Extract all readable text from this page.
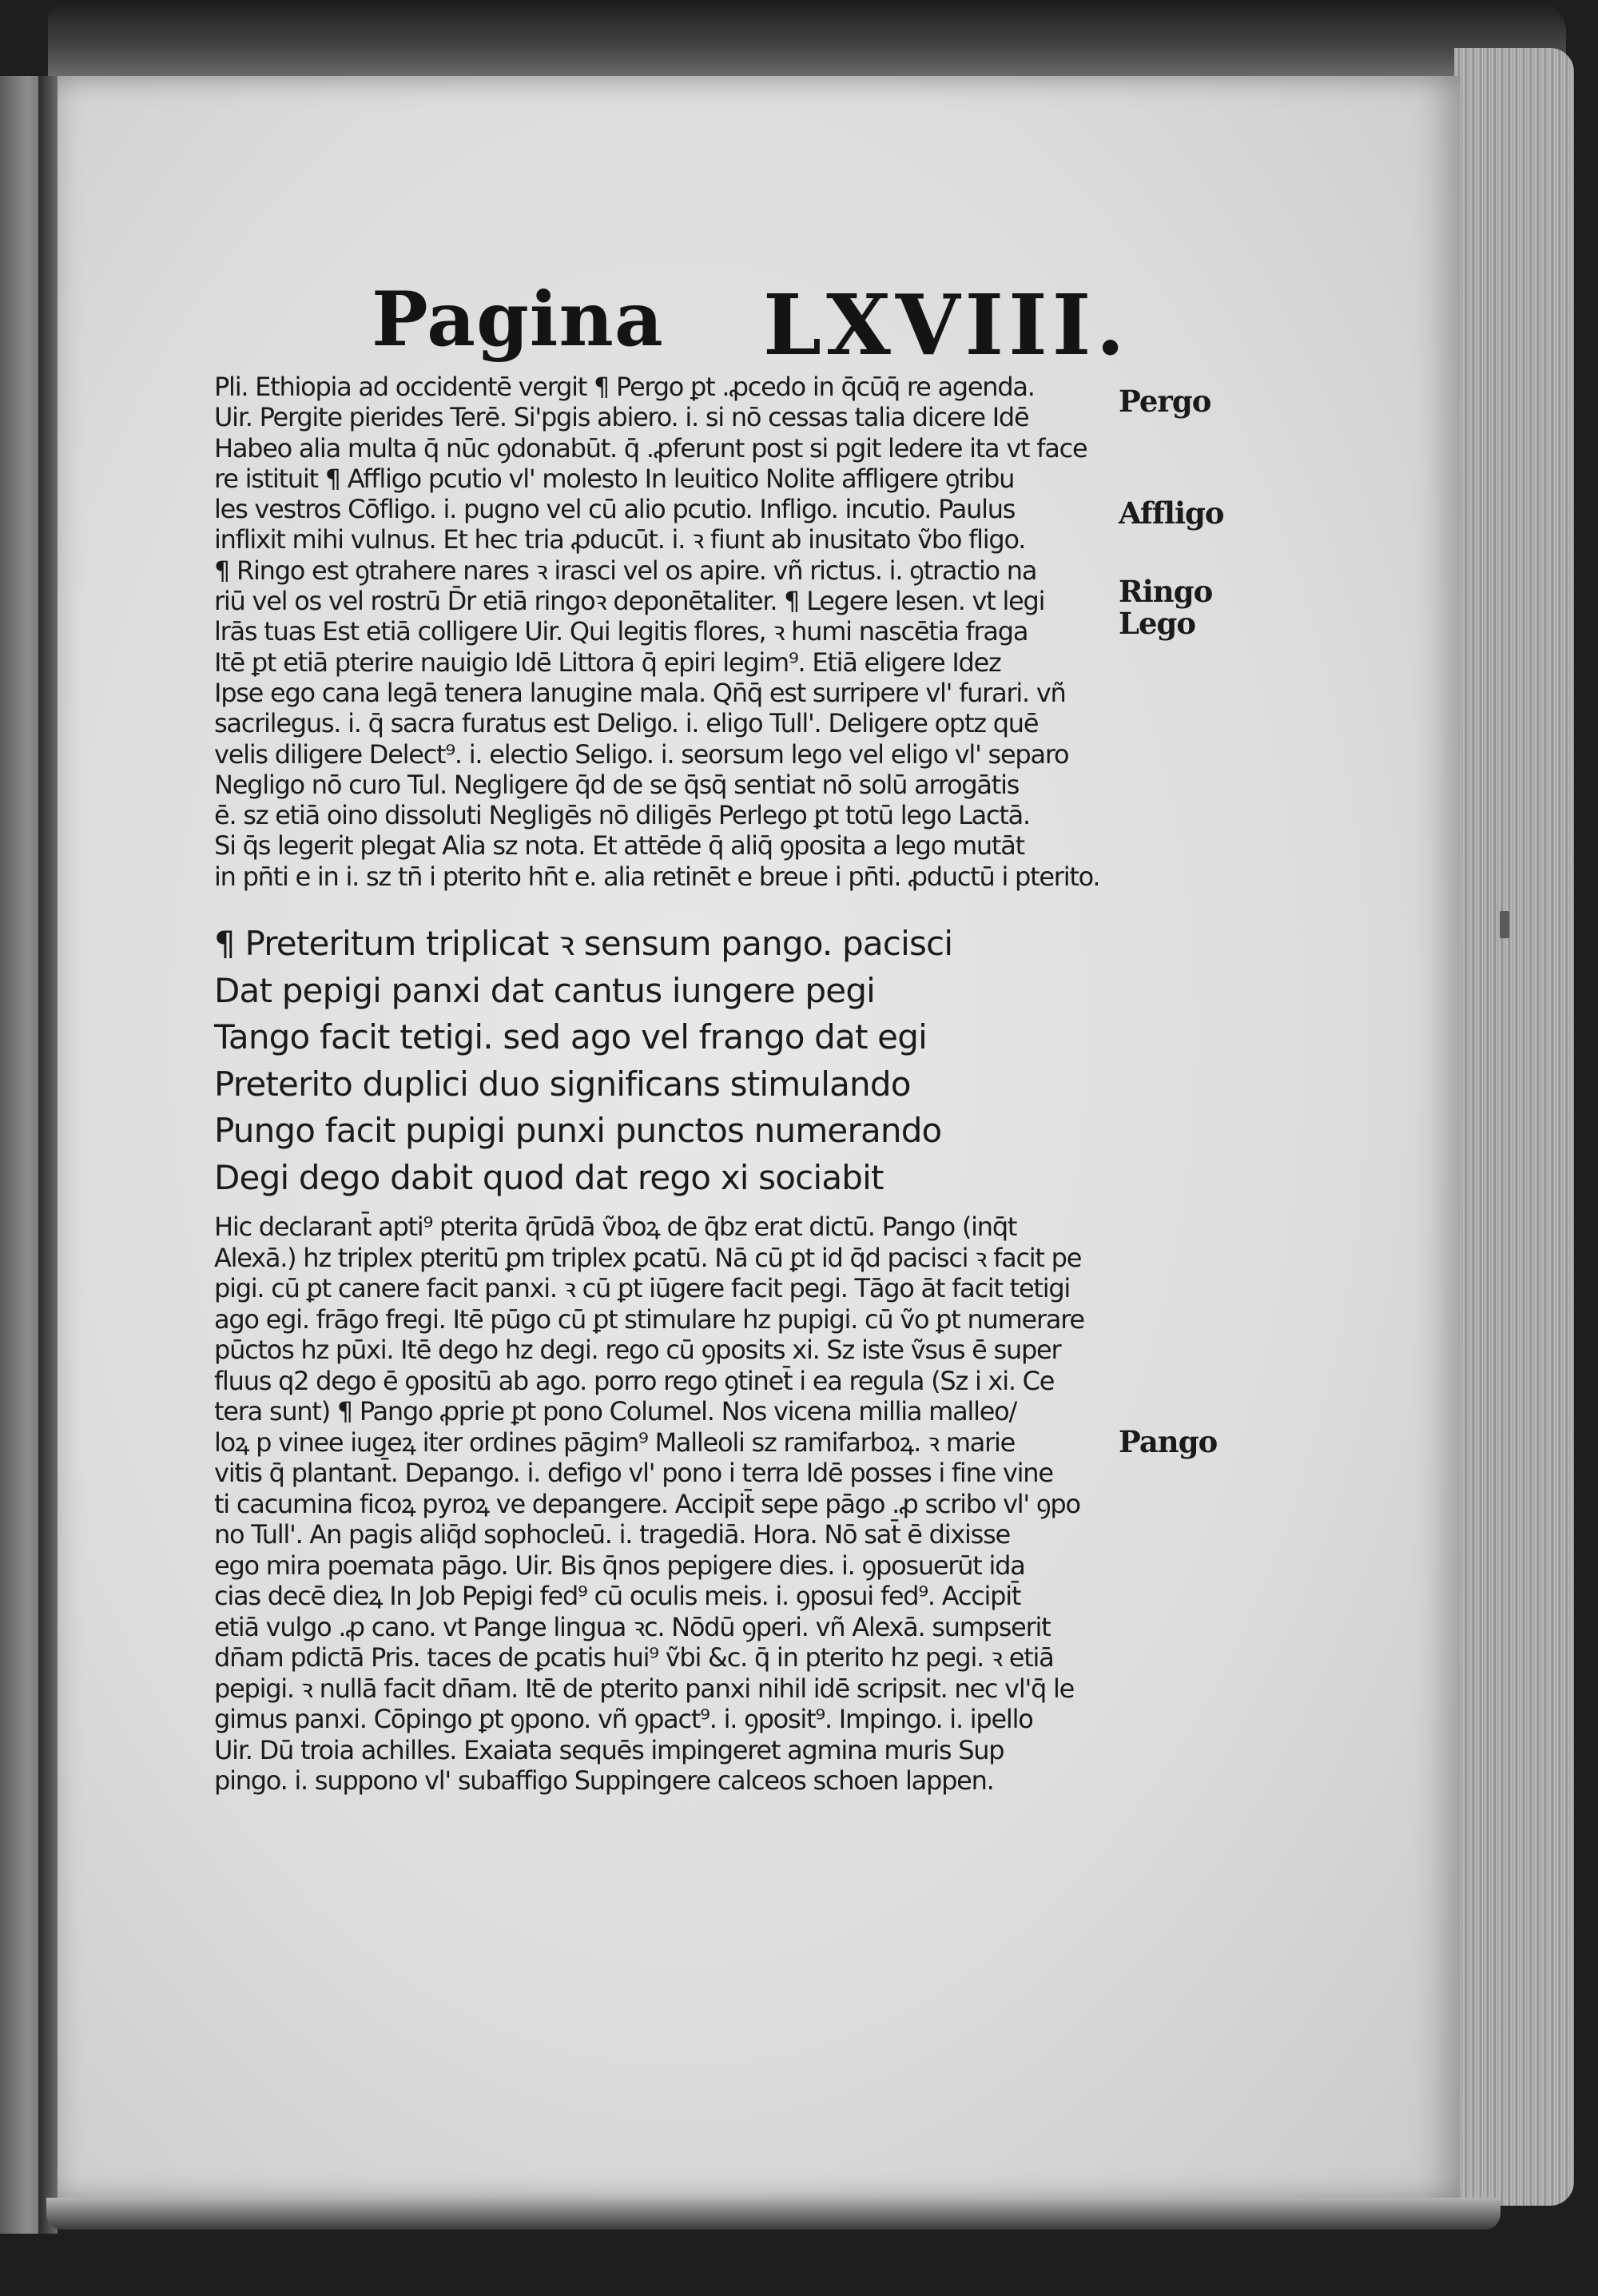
Pagina LXVIII.
Pli. Ethiopia ad occidentē vergit ¶ Pergo ꝑt .ꝓcedo in q̄cūq̄ re agenda.
Uir. Pergite pierides Terē. Si'pgis abiero. i. si nō cessas talia dicere Idē
Habeo alia multa q̄ nūc ꝯdonabūt. q̄ .ꝓferunt post si pgit ledere ita vt face
re istituit ¶ Affligo pcutio vl' molesto In leuitico Nolite affligere ꝯtribu
les vestros Cōfligo. i. pugno vel cū alio pcutio. Infligo. incutio. Paulus
inflixit mihi vulnus. Et hec tria ꝓducūt. i. ꝛ fiunt ab inusitato ṽbo fligo.
¶ Ringo est ꝯtrahere nares ꝛ irasci vel os apire. vñ rictus. i. ꝯtractio na
riū vel os vel rostrū D̄r etiā ringoꝛ deponētaliter. ¶ Legere lesen. vt legi
lrās tuas Est etiā colligere Uir. Qui legitis flores, ꝛ humi nascētia fraga
Itē ꝑt etiā pterire nauigio Idē Littora q̄ epiri legim⁹. Etiā eligere Idez
Ipse ego cana legā tenera lanugine mala. Qn̄q̄ est surripere vl' furari. vñ
sacrilegus. i. q̄ sacra furatus est Deligo. i. eligo Tull'. Deligere optz quē
velis diligere Delect⁹. i. electio Seligo. i. seorsum lego vel eligo vl' separo
Negligo nō curo Tul. Negligere q̄d de se q̄sq̄ sentiat nō solū arrogātis
ē. sz etiā oino dissoluti Negligēs nō diligēs Perlego ꝑt totū lego Lactā.
Si q̄s legerit plegat Alia sz nota. Et attēde q̄ aliq̄ ꝯposita a lego mutāt
in pn̄ti e in i. sz tn̄ i pterito hn̄t e. alia retinēt e breue i pn̄ti. ꝓductū i pterito.
¶ Preteritum triplicat ꝛ sensum pango. pacisci
Dat pepigi panxi dat cantus iungere pegi
Tango facit tetigi. sed ago vel frango dat egi
Preterito duplici duo significans stimulando
Pungo facit pupigi punxi punctos numerando
Degi dego dabit quod dat rego xi sociabit
Hic declarant̄ apti⁹ pterita q̄rūdā ṽboꝝ de q̄bz erat dictū. Pango (inq̄t
Alexā.) hz triplex pteritū ꝑm triplex ꝑcatū. Nā cū ꝑt id q̄d pacisci ꝛ facit pe
pigi. cū ꝑt canere facit panxi. ꝛ cū ꝑt iūgere facit pegi. Tāgo āt facit tetigi
ago egi. frāgo fregi. Itē pūgo cū ꝑt stimulare hz pupigi. cū ṽo ꝑt numerare
pūctos hz pūxi. Itē dego hz degi. rego cū ꝯposits xi. Sz iste ṽsus ē super
fluus q2 dego ē ꝯpositū ab ago. porro rego ꝯtinet̄ i ea regula (Sz i xi. Ce
tera sunt) ¶ Pango ꝓprie ꝑt pono Columel. Nos vicena millia malleo/
loꝝ p vinee iugeꝝ iter ordines pāgim⁹ Malleoli sz ramifarboꝝ. ꝛ marie
vitis q̄ plantant̄. Depango. i. defigo vl' pono i terra Idē posses i fine vine
ti cacumina ficoꝝ pyroꝝ ve depangere. Accipit̄ sepe pāgo .ꝓ scribo vl' ꝯpo
no Tull'. An pagis aliq̄d sophocleū. i. tragediā. Hora. Nō sat̄ ē dixisse
ego mira poemata pāgo. Uir. Bis q̄nos pepigere dies. i. ꝯposuerūt ida
cias decē dieꝝ In Job Pepigi fed⁹ cū oculis meis. i. ꝯposui fed⁹. Accipit̄
etiā vulgo .ꝓ cano. vt Pange lingua ꝛc. Nōdū ꝯperi. vñ Alexā. sumpserit
dn̄am pdictā Pris. taces de ꝑcatis hui⁹ ṽbi &c. q̄ in pterito hz pegi. ꝛ etiā
pepigi. ꝛ nullā facit dn̄am. Itē de pterito panxi nihil idē scripsit. nec vl'q̄ le
gimus panxi. Cōpingo ꝑt ꝯpono. vñ ꝯpact⁹. i. ꝯposit⁹. Impingo. i. ipello
Uir. Dū troia achilles. Exaiata sequēs impingeret agmina muris Sup
pingo. i. suppono vl' subaffigo Suppingere calceos schoen lappen.
Pergo
Affligo
Ringo
Lego
Pango
